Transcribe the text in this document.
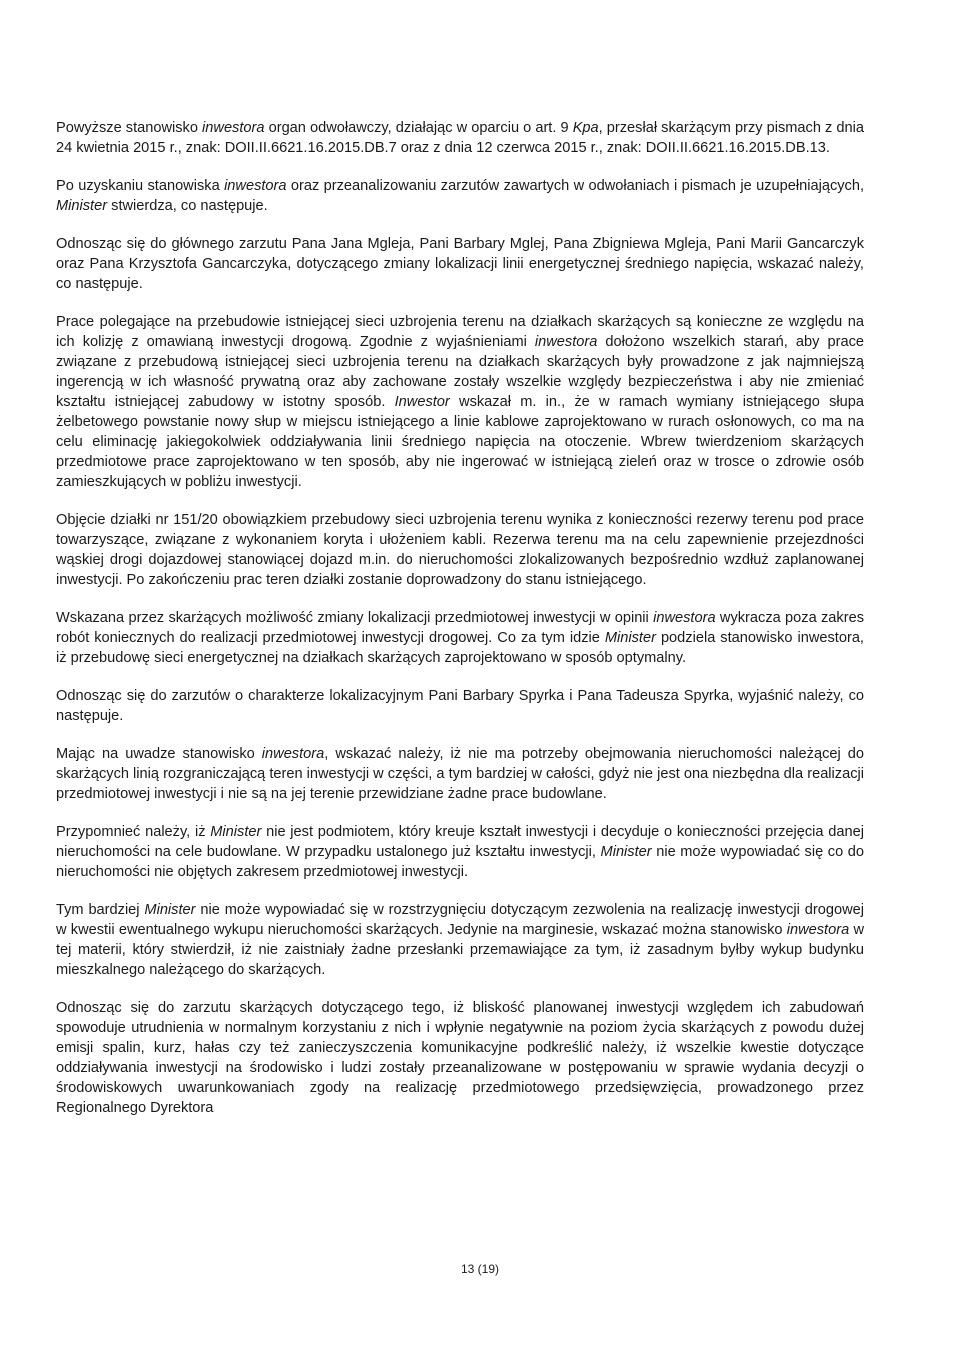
Powyższe stanowisko inwestora organ odwoławczy, działając w oparciu o art. 9 Kpa, przesłał skarżącym przy pismach z dnia 24 kwietnia 2015 r., znak: DOII.II.6621.16.2015.DB.7 oraz z dnia 12 czerwca 2015 r., znak: DOII.II.6621.16.2015.DB.13.

Po uzyskaniu stanowiska inwestora oraz przeanalizowaniu zarzutów zawartych w odwołaniach i pismach je uzupełniających, Minister stwierdza, co następuje.

Odnosząc się do głównego zarzutu Pana Jana Mgleja, Pani Barbary Mglej, Pana Zbigniewa Mgleja, Pani Marii Gancarczyk oraz Pana Krzysztofa Gancarczyka, dotyczącego zmiany lokalizacji linii energetycznej średniego napięcia, wskazać należy, co następuje.

Prace polegające na przebudowie istniejącej sieci uzbrojenia terenu na działkach skarżących są konieczne ze względu na ich kolizję z omawianą inwestycji drogową. Zgodnie z wyjaśnieniami inwestora dołożono wszelkich starań, aby prace związane z przebudową istniejącej sieci uzbrojenia terenu na działkach skarżących były prowadzone z jak najmniejszą ingerencją w ich własność prywatną oraz aby zachowane zostały wszelkie względy bezpieczeństwa i aby nie zmieniać kształtu istniejącej zabudowy w istotny sposób. Inwestor wskazał m. in., że w ramach wymiany istniejącego słupa żelbetowego powstanie nowy słup w miejscu istniejącego a linie kablowe zaprojektowano w rurach osłonowych, co ma na celu eliminację jakiegokolwiek oddziaływania linii średniego napięcia na otoczenie. Wbrew twierdzeniom skarżących przedmiotowe prace zaprojektowano w ten sposób, aby nie ingerować w istniejącą zieleń oraz w trosce o zdrowie osób zamieszkujących w pobliżu inwestycji.

Objęcie działki nr 151/20 obowiązkiem przebudowy sieci uzbrojenia terenu wynika z konieczności rezerwy terenu pod prace towarzyszące, związane z wykonaniem koryta i ułożeniem kabli. Rezerwa terenu ma na celu zapewnienie przejezdności wąskiej drogi dojazdowej stanowiącej dojazd m.in. do nieruchomości zlokalizowanych bezpośrednio wzdłuż zaplanowanej inwestycji. Po zakończeniu prac teren działki zostanie doprowadzony do stanu istniejącego.

Wskazana przez skarżących możliwość zmiany lokalizacji przedmiotowej inwestycji w opinii inwestora wykracza poza zakres robót koniecznych do realizacji przedmiotowej inwestycji drogowej. Co za tym idzie Minister podziela stanowisko inwestora, iż przebudowę sieci energetycznej na działkach skarżących zaprojektowano w sposób optymalny.

Odnosząc się do zarzutów o charakterze lokalizacyjnym Pani Barbary Spyrka i Pana Tadeusza Spyrka, wyjaśnić należy, co następuje.

Mając na uwadze stanowisko inwestora, wskazać należy, iż nie ma potrzeby obejmowania nieruchomości należącej do skarżących linią rozgraniczającą teren inwestycji w części, a tym bardziej w całości, gdyż nie jest ona niezbędna dla realizacji przedmiotowej inwestycji i nie są na jej terenie przewidziane żadne prace budowlane.

Przypomnieć należy, iż Minister nie jest podmiotem, który kreuje kształt inwestycji i decyduje o konieczności przejęcia danej nieruchomości na cele budowlane. W przypadku ustalonego już kształtu inwestycji, Minister nie może wypowiadać się co do nieruchomości nie objętych zakresem przedmiotowej inwestycji.

Tym bardziej Minister nie może wypowiadać się w rozstrzygnięciu dotyczącym zezwolenia na realizację inwestycji drogowej w kwestii ewentualnego wykupu nieruchomości skarżących. Jedynie na marginesie, wskazać można stanowisko inwestora w tej materii, który stwierdził, iż nie zaistniały żadne przesłanki przemawiające za tym, iż zasadnym byłby wykup budynku mieszkalnego należącego do skarżących.

Odnosząc się do zarzutu skarżących dotyczącego tego, iż bliskość planowanej inwestycji względem ich zabudowań spowoduje utrudnienia w normalnym korzystaniu z nich i wpłynie negatywnie na poziom życia skarżących z powodu dużej emisji spalin, kurz, hałas czy też zanieczyszczenia komunikacyjne podkreślić należy, iż wszelkie kwestie dotyczące oddziaływania inwestycji na środowisko i ludzi zostały przeanalizowane w postępowaniu w sprawie wydania decyzji o środowiskowych uwarunkowaniach zgody na realizację przedmiotowego przedsięwzięcia, prowadzonego przez Regionalnego Dyrektora

13 (19)
